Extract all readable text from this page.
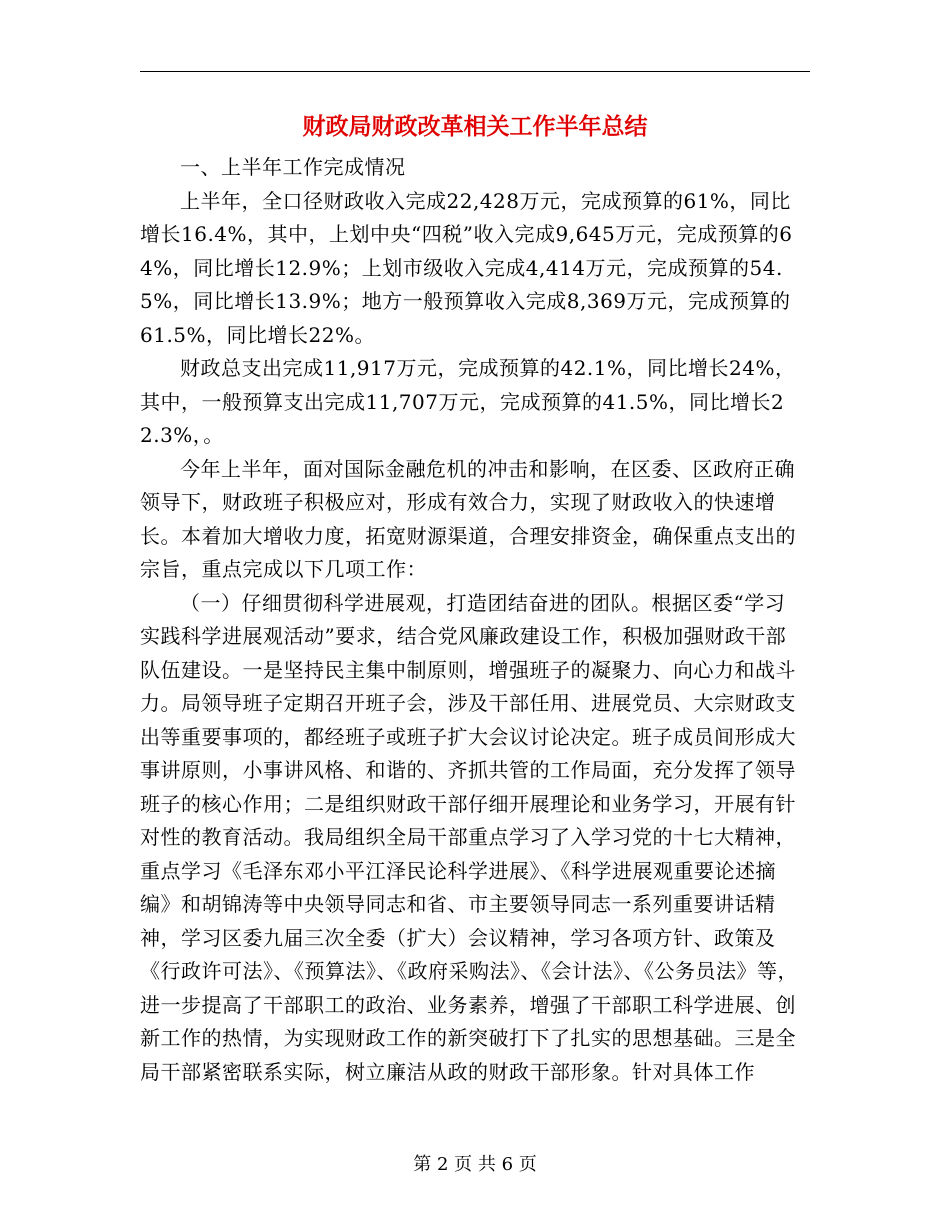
财政局财政改革相关工作半年总结

一、上半年工作完成情况

上半年，全口径财政收入完成22,428万元，完成预算的61%，同比增长16.4%，其中，上划中央“四税”收入完成9,645万元，完成预算的64%，同比增长12.9%；上划市级收入完成4,414万元，完成预算的54.5%，同比增长13.9%；地方一般预算收入完成8,369万元，完成预算的61.5%，同比增长22%。

财政总支出完成11,917万元，完成预算的42.1%，同比增长24%，其中，一般预算支出完成11,707万元，完成预算的41.5%，同比增长22.3%，。

今年上半年，面对国际金融危机的冲击和影响，在区委、区政府正确领导下，财政班子积极应对，形成有效合力，实现了财政收入的快速增长。本着加大增收力度，拓宽财源渠道，合理安排资金，确保重点支出的宗旨，重点完成以下几项工作：

（一）仔细贯彻科学进展观，打造团结奋进的团队。根据区委“学习实践科学进展观活动”要求，结合党风廉政建设工作，积极加强财政干部队伍建设。一是坚持民主集中制原则，增强班子的凝聚力、向心力和战斗力。局领导班子定期召开班子会，涉及干部任用、进展党员、大宗财政支出等重要事项的，都经班子或班子扩大会议讨论决定。班子成员间形成大事讲原则，小事讲风格、和谐的、齐抓共管的工作局面，充分发挥了领导班子的核心作用；二是组织财政干部仔细开展理论和业务学习，开展有针对性的教育活动。我局组织全局干部重点学习了入学习党的十七大精神，重点学习《毛泽东邓小平江泽民论科学进展》、《科学进展观重要论述摘编》和胡锦涛等中央领导同志和省、市主要领导同志一系列重要讲话精神，学习区委九届三次全委（扩大）会议精神，学习各项方针、政策及《行政许可法》、《预算法》、《政府采购法》、《会计法》、《公务员法》等，进一步提高了干部职工的政治、业务素养，增强了干部职工科学进展、创新工作的热情，为实现财政工作的新突破打下了扎实的思想基础。三是全局干部紧密联系实际，树立廉洁从政的财政干部形象。针对具体工作

第 2 页 共 6 页
